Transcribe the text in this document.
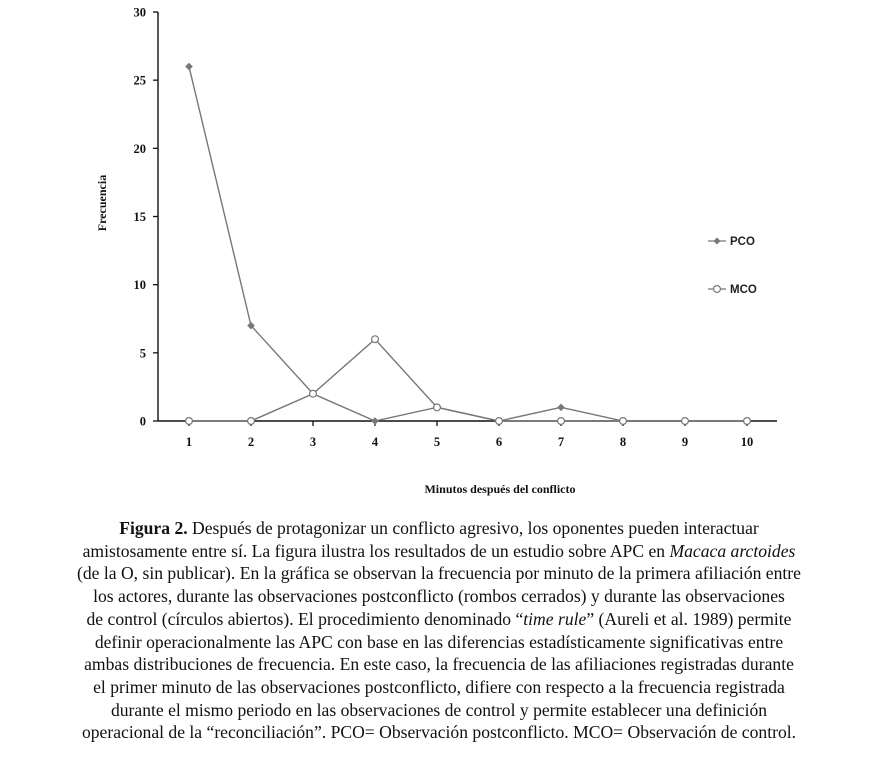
0
5
10
15
20
25
30
1	2	3	4	5	6	7	8	9	10
Frecuencia
Minutos después del conflicto
PCO
MCO
Figura 2. Después de protagonizar un conflicto agresivo, los oponentes pueden interactuar
amistosamente entre sí. La figura ilustra los resultados de un estudio sobre APC en Macaca arctoides
(de la O, sin publicar). En la gráfica se observan la frecuencia por minuto de la primera afiliación entre
los actores, durante las observaciones postconflicto (rombos cerrados) y durante las observaciones
de control (círculos abiertos). El procedimiento denominado “time rule” (Aureli et al. 1989) permite
definir operacionalmente las APC con base en las diferencias estadísticamente significativas entre
ambas distribuciones de frecuencia. En este caso, la frecuencia de las afiliaciones registradas durante
el primer minuto de las observaciones postconflicto, difiere con respecto a la frecuencia registrada
durante el mismo periodo en las observaciones de control y permite establecer una definición
operacional de la “reconciliación”. PCO= Observación postconflicto. MCO= Observación de control.
